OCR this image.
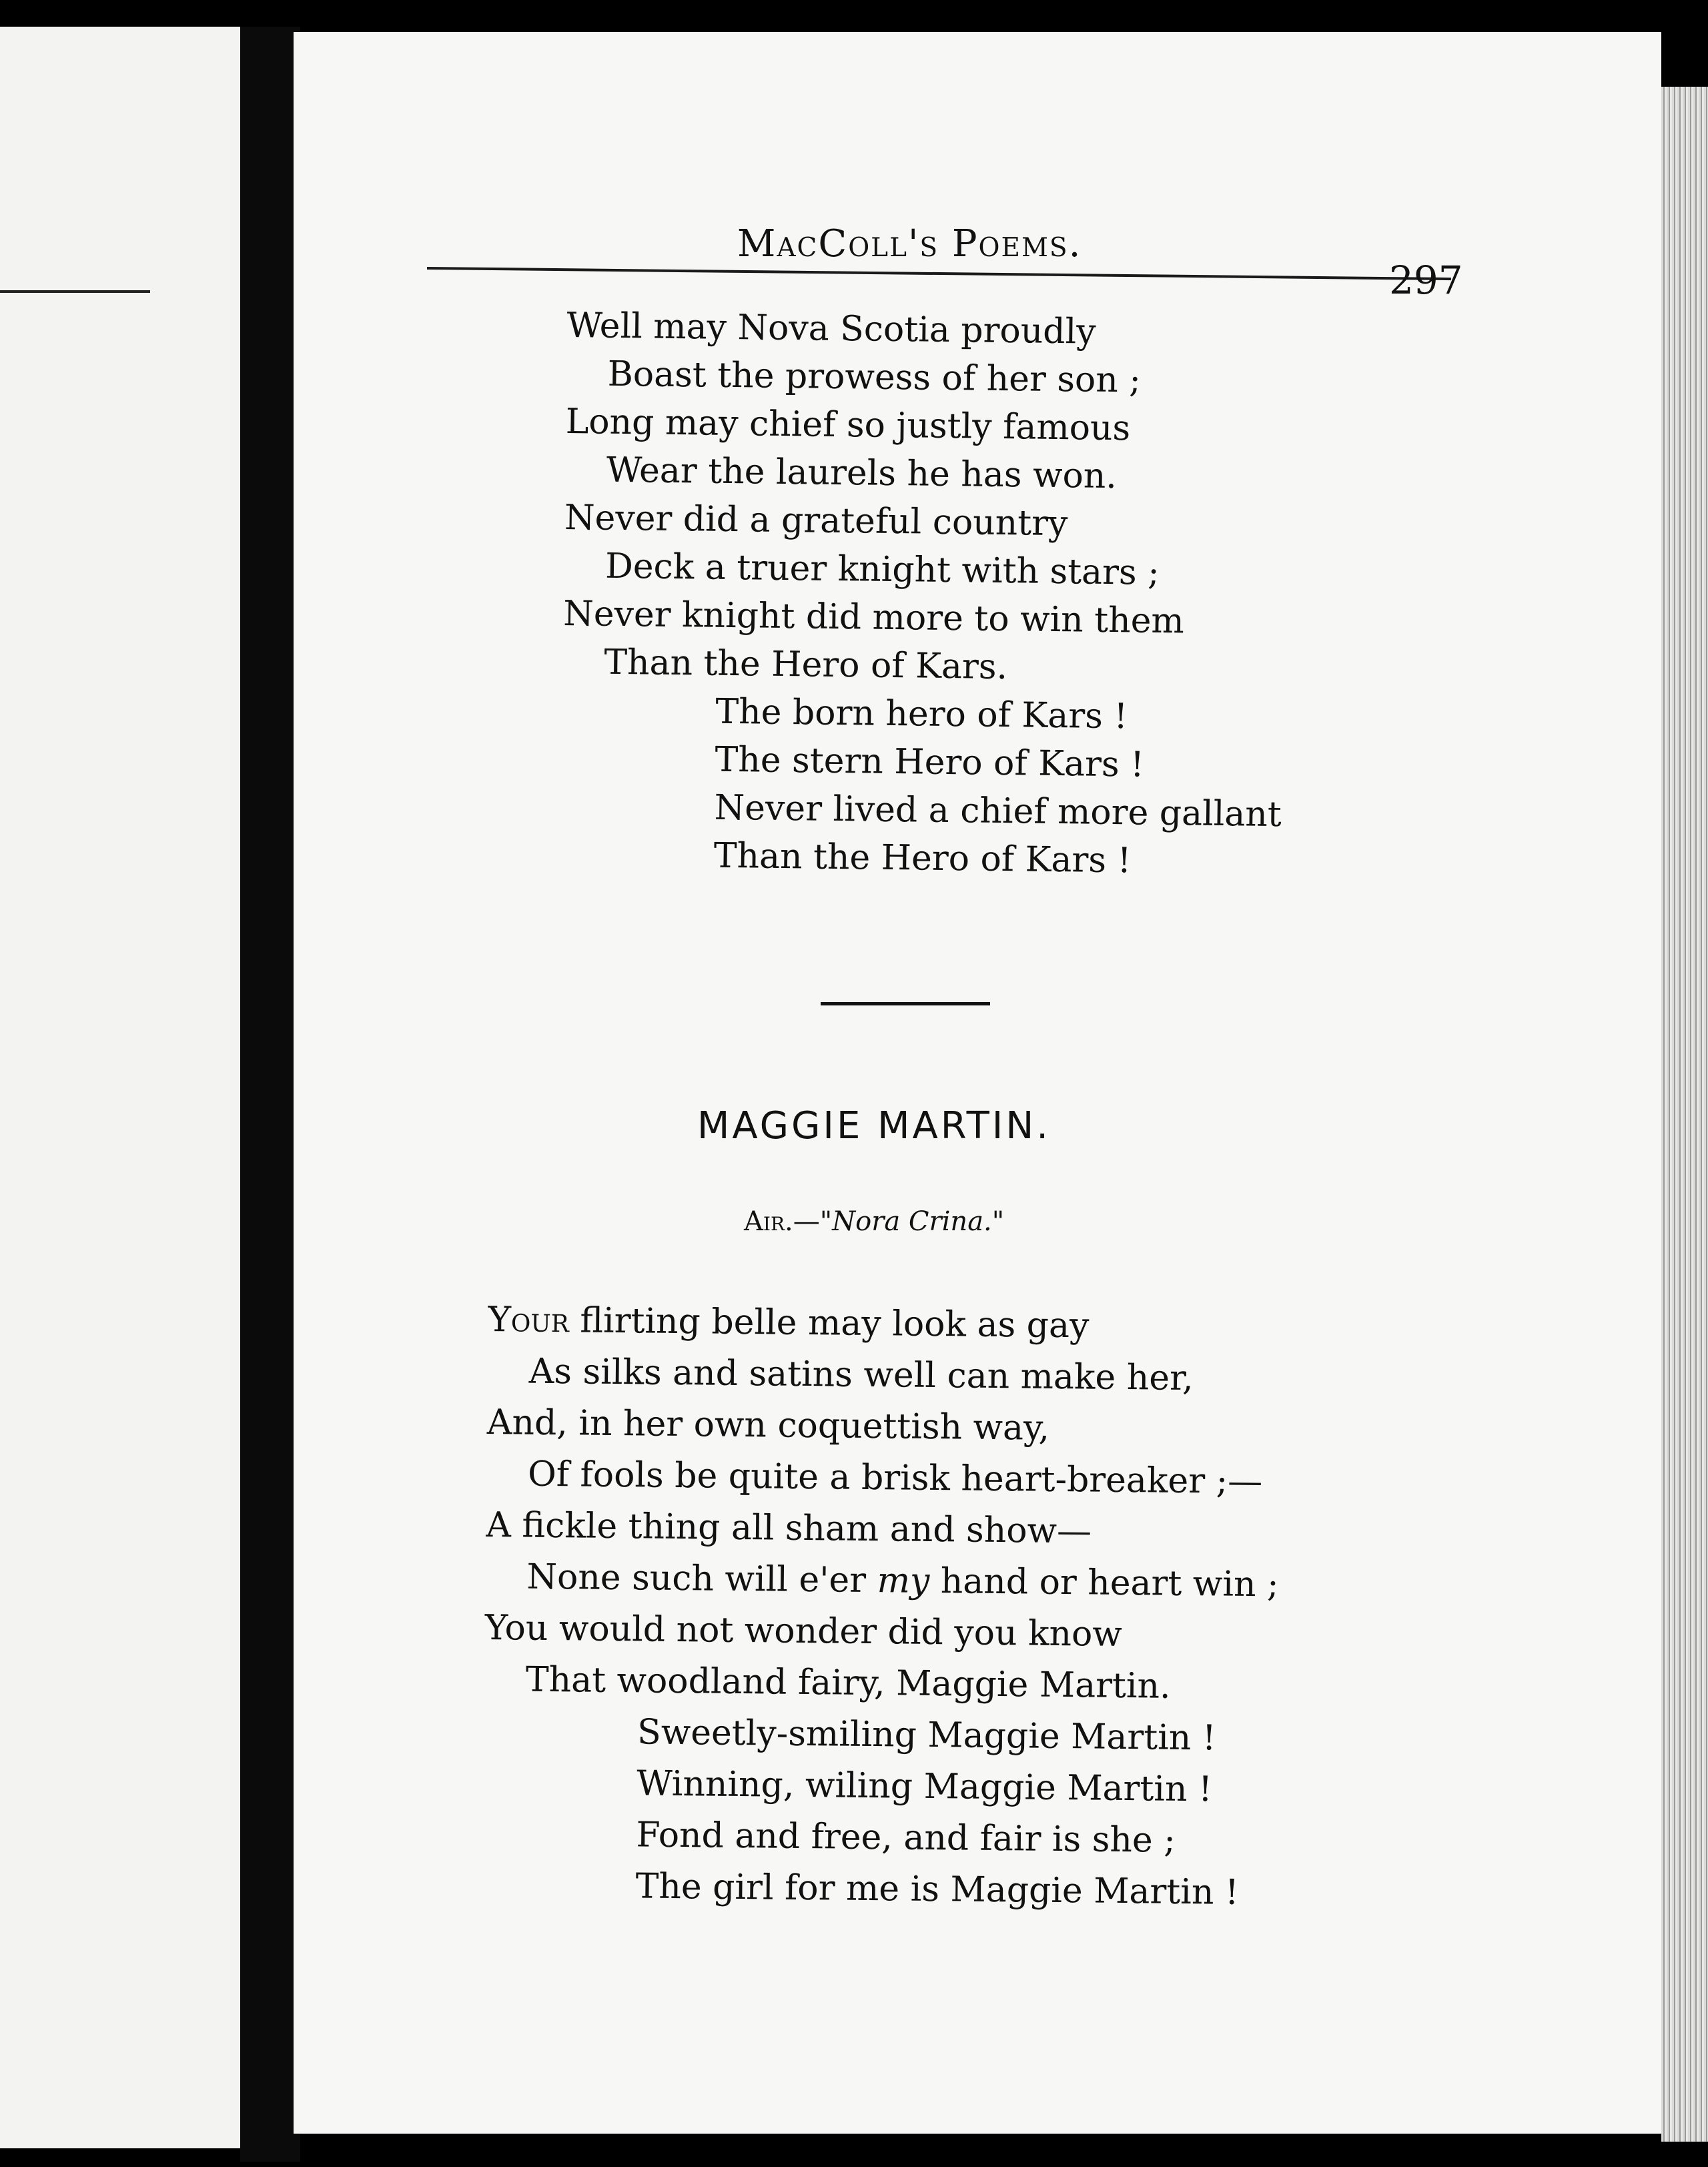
MacColl's Poems.
297
Well may Nova Scotia proudly
Boast the prowess of her son ;
Long may chief so justly famous
Wear the laurels he has won.
Never did a grateful country
Deck a truer knight with stars ;
Never knight did more to win them
Than the Hero of Kars.
The born hero of Kars !
The stern Hero of Kars !
Never lived a chief more gallant
Than the Hero of Kars !
MAGGIE MARTIN.
Air.—"Nora Crina."
Your flirting belle may look as gay
As silks and satins well can make her,
And, in her own coquettish way,
Of fools be quite a brisk heart-breaker ;—
A fickle thing all sham and show—
None such will e'er my hand or heart win ;
You would not wonder did you know
That woodland fairy, Maggie Martin.
Sweetly-smiling Maggie Martin !
Winning, wiling Maggie Martin !
Fond and free, and fair is she ;
The girl for me is Maggie Martin !
